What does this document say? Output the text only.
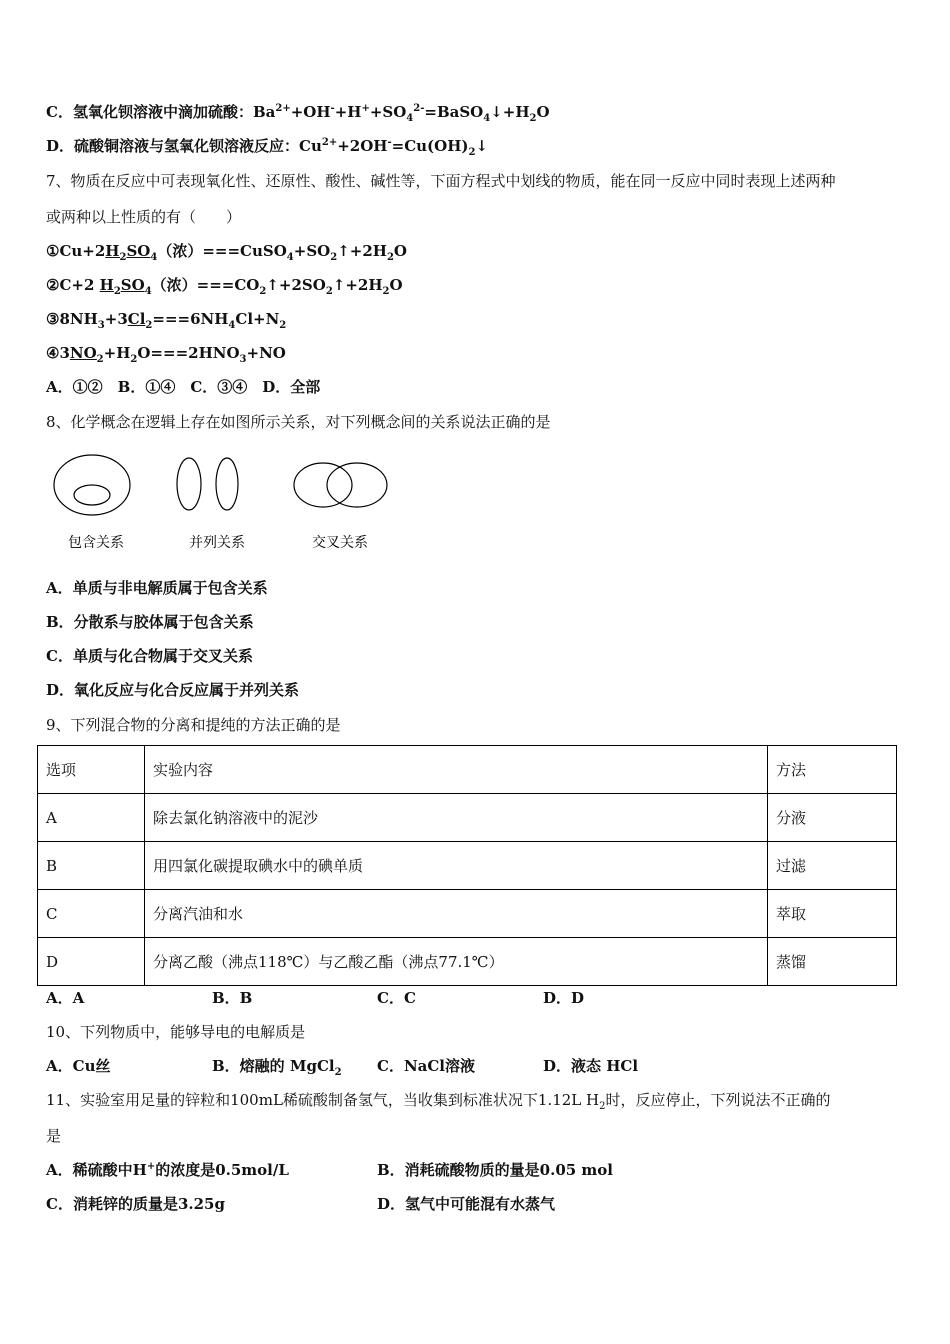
C．氢氧化钡溶液中滴加硫酸：$Ba^{2+}+OH^-+H^++SO_4^{2-}=BaSO_4↓+H_2O$
D．硫酸铜溶液与氢氧化钡溶液反应：$Cu^{2+}+2OH^-=Cu(OH)_2↓$
7、物质在反应中可表现氧化性、还原性、酸性、碱性等，下面方程式中划线的物质，能在同一反应中同时表现上述两种
或两种以上性质的有（　　）
$①Cu+2H_2SO_4$（浓）$===CuSO_4+SO_2↑+2H_2O$
②C+2 $H_2SO_4$（浓）$===CO_2↑+2SO_2↑+2H_2O$
$③8NH_3+3Cl_2===6NH_4Cl+N_2$
$④3NO_2+H_2O===2HNO_3+NO$
A．①②　B．①④　C．③④　D．全部
8、化学概念在逻辑上存在如图所示关系，对下列概念间的关系说法正确的是
包含关系	并列关系	交叉关系
A．单质与非电解质属于包含关系
B．分散系与胶体属于包含关系
C．单质与化合物属于交叉关系
D．氧化反应与化合反应属于并列关系
9、下列混合物的分离和提纯的方法正确的是
选项	实验内容	方法
A	除去氯化钠溶液中的泥沙	分液
B	用四氯化碳提取碘水中的碘单质	过滤
C	分离汽油和水	萃取
D	分离乙酸（沸点118℃）与乙酸乙酯（沸点77.1℃）	蒸馏
A．A	B．B	C．C	D．D
10、下列物质中，能够导电的电解质是
A．Cu丝	B．熔融的 MgCl$_2$ C．NaCl溶液	D．液态 HCl
11、实验室用足量的锌粒和100mL稀硫酸制备氢气，当收集到标准状况下1.12L $H_2$时，反应停止，下列说法不正确的
是
A．稀硫酸中H+的浓度是0.5mol/L	B．消耗硫酸物质的量是0.05 mol
C．消耗锌的质量是3.25g	D．氢气中可能混有水蒸气
